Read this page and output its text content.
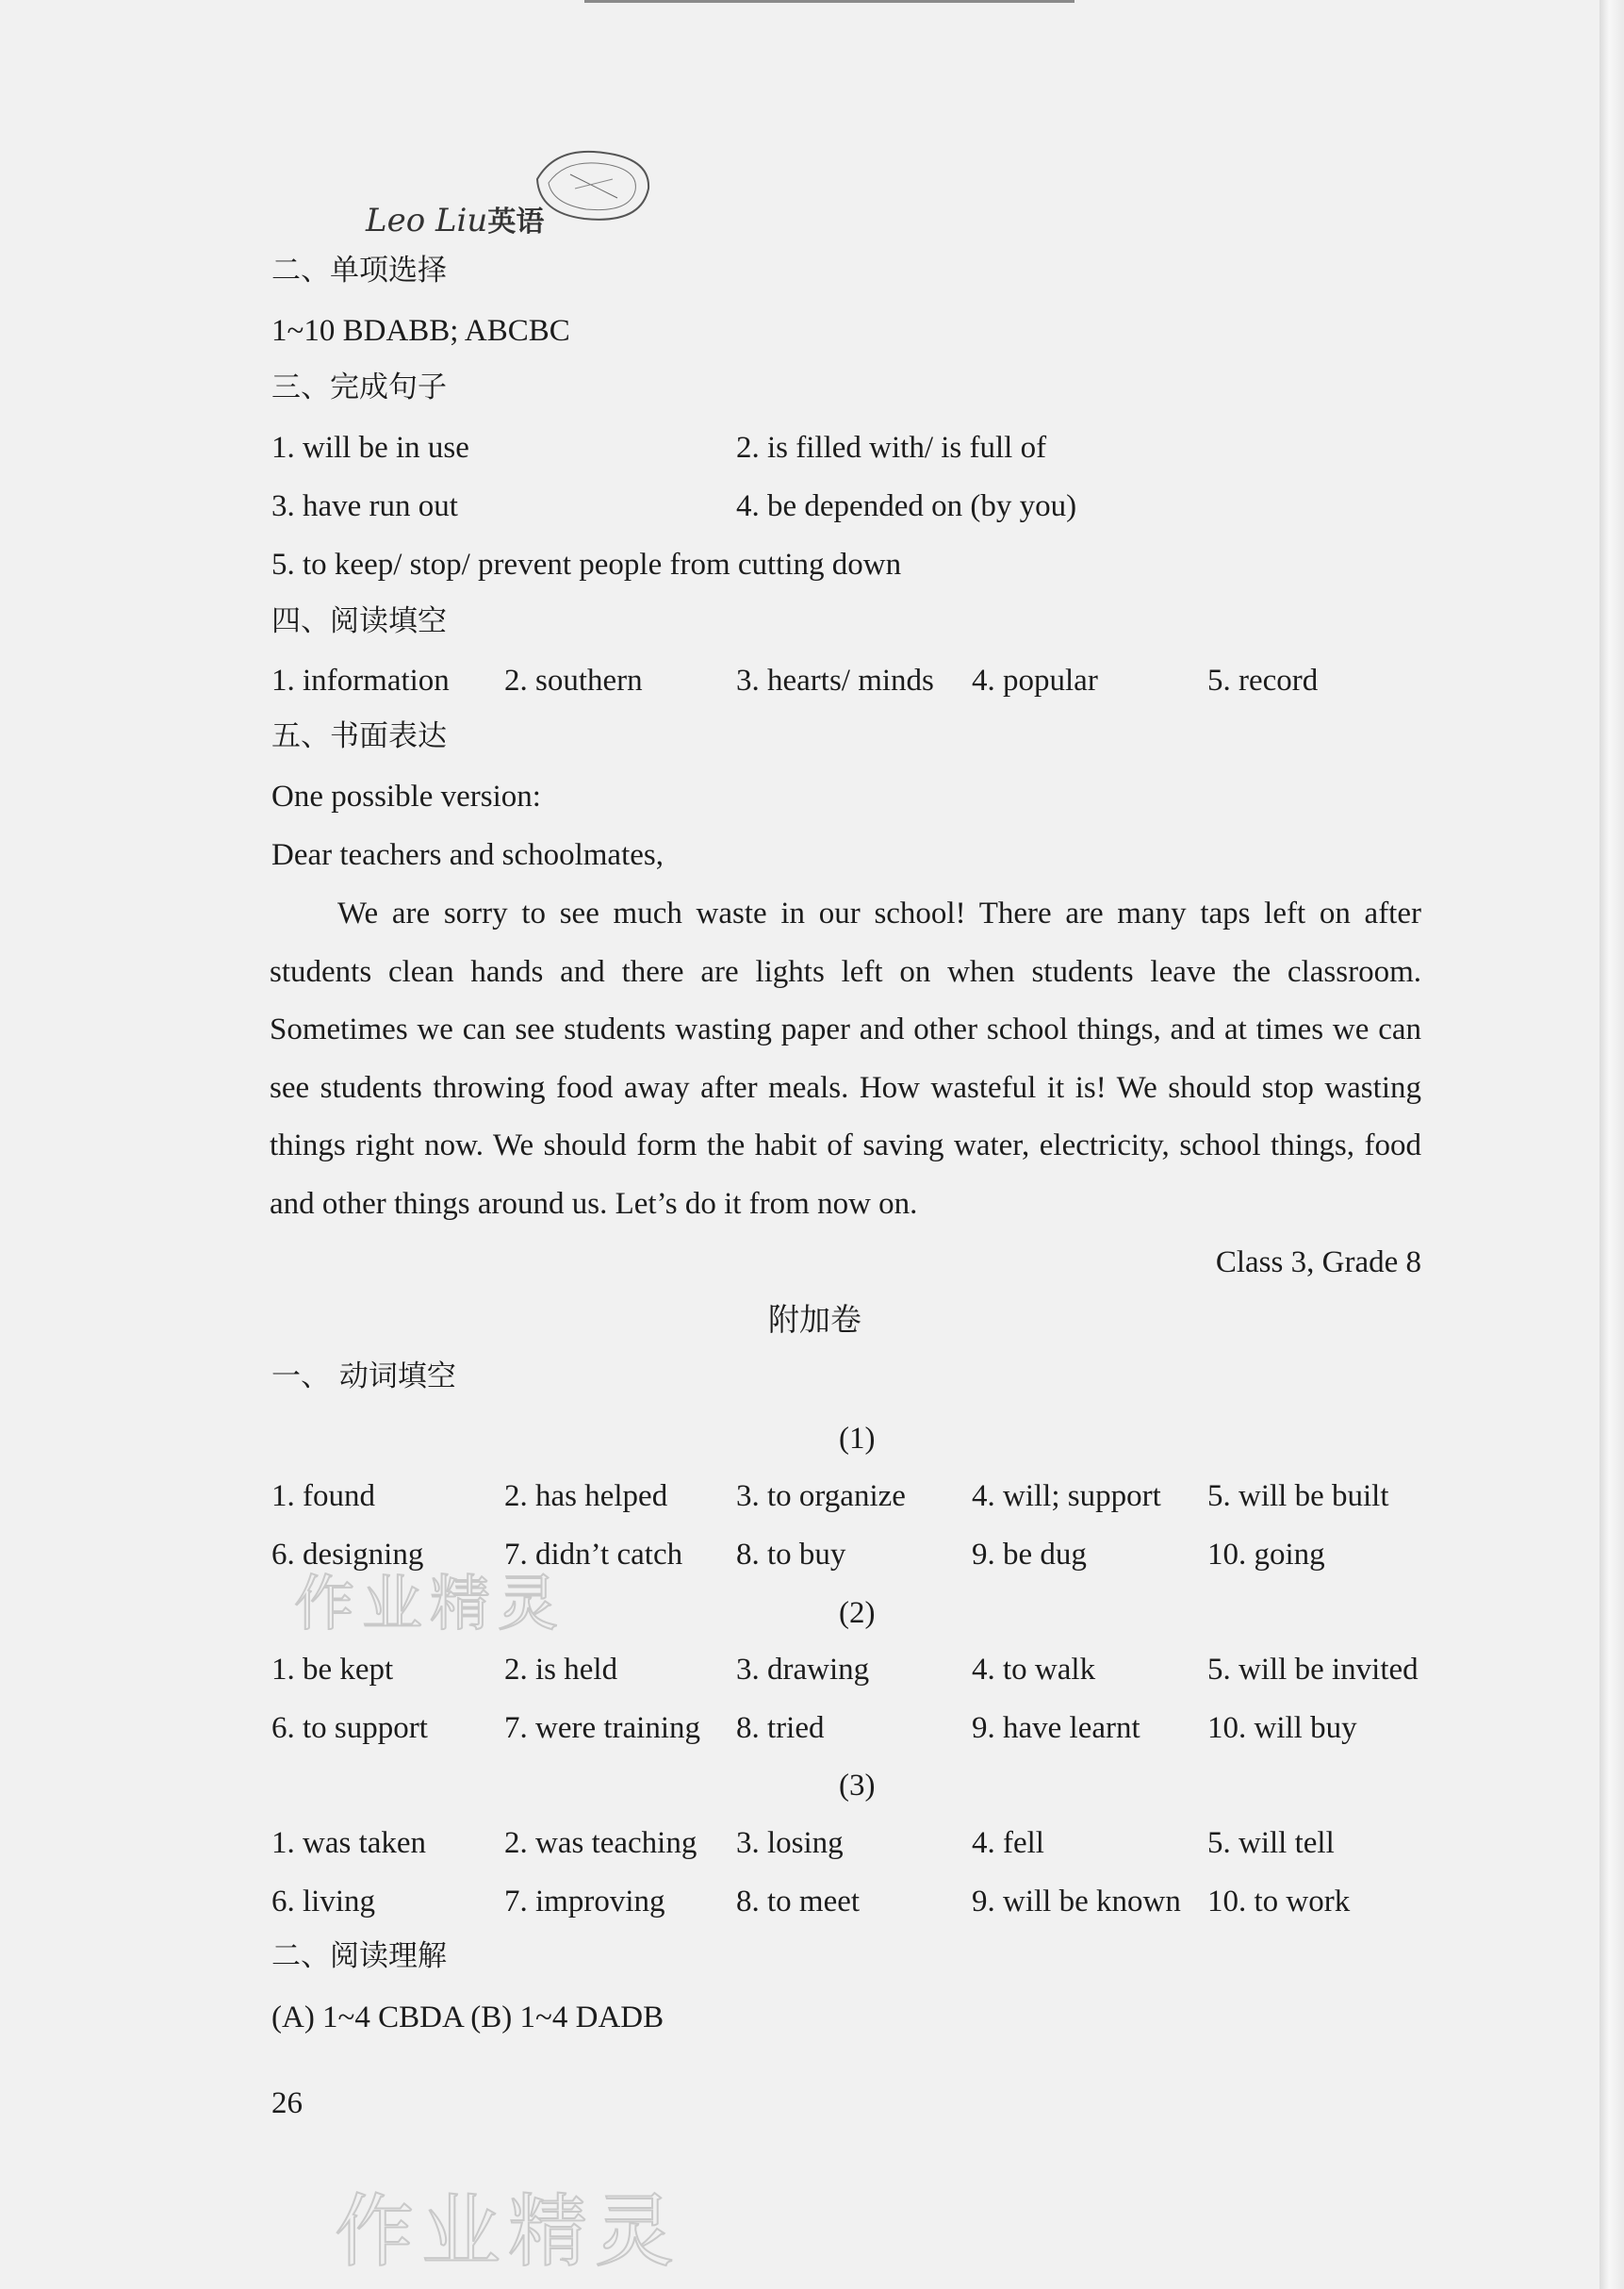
Leo Liu英语
二、单项选择
1~10 BDABB; ABCBC
三、完成句子
1. will be in use	2. is filled with/ is full of
3. have run out	4. be depended on (by you)
5. to keep/ stop/ prevent people from cutting down
四、阅读填空
1. information 2. southern	3. hearts/ minds 4. popular	5. record
五、书面表达
One possible version:
Dear teachers and schoolmates,

We are sorry to see much waste in our school! There are many taps left on after students clean hands and there are lights left on when students leave the classroom. Sometimes we can see students wasting paper and other school things, and at times we can see students throwing food away after meals. How wasteful it is! We should stop wasting things right now. We should form the habit of saving water, electricity, school things, food and other things around us. Let’s do it from now on.

Class 3, Grade 8
附加卷
一、 动词填空
(1)
1. found	2. has helped 3. to organize 4. will; support 5. will be built
6. designing	7. didn’t catch 8. to buy	9. be dug	10. going
(2)
1. be kept	2. is held	3. drawing	4. to walk	5. will be invited
6. to support 7. were training 8. tried	9. have learnt 10. will buy
(3)
1. was taken	2. was teaching 3. losing	4. fell	5. will tell
6. living	7. improving 8. to meet	9. will be known 10. to work
二、阅读理解
(A) 1~4 CBDA (B) 1~4 DADB
26
作业精灵
作业精灵
